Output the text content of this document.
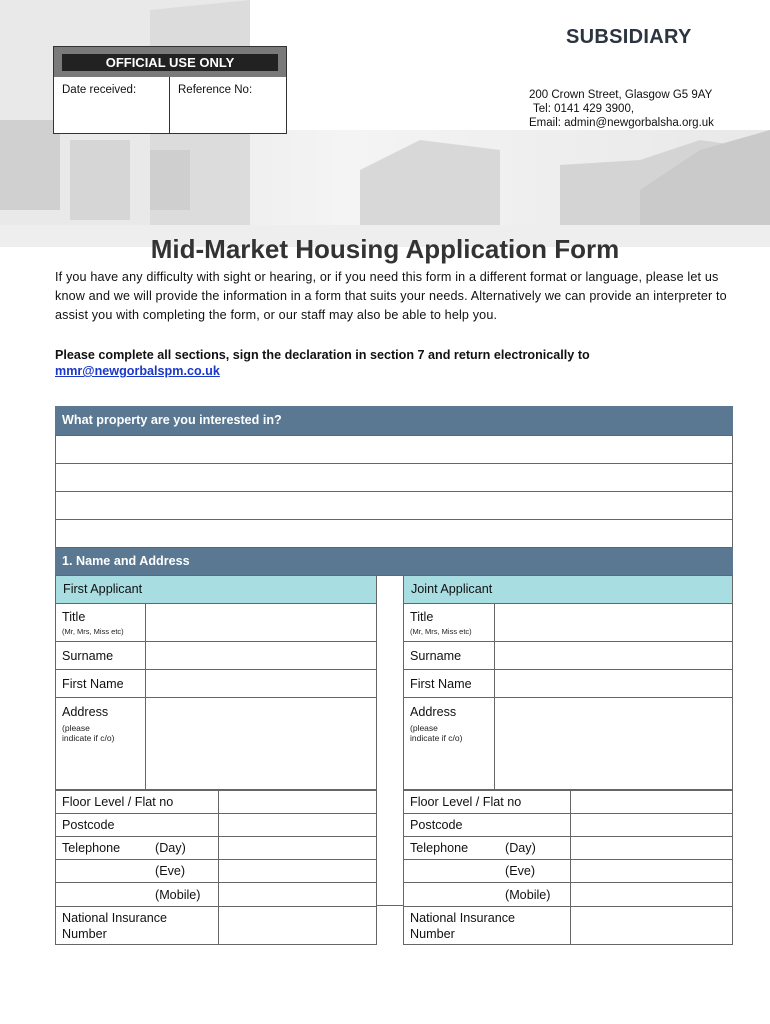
SUBSIDIARY
200 Crown Street, Glasgow G5 9AY
Tel: 0141 429 3900,
Email: admin@newgorbalsha.org.uk
OFFICIAL USE ONLY
Date received:	Reference No:
Mid-Market Housing Application Form
If you have any difficulty with sight or hearing, or if you need this form in a different format or language, please let us know and we will provide the information in a form that suits your needs. Alternatively we can provide an interpreter to assist you with completing the form, or our staff may also be able to help you.
Please complete all sections, sign the declaration in section 7 and return electronically to
mmr@newgorbalspm.co.uk
What property are you interested in?
1. Name and Address
First Applicant
Title
(Mr, Mrs, Miss etc)
Surname
First Name
Address
(please
indicate if c/o)
Floor Level / Flat no
Postcode
Telephone	(Day)
(Eve)
(Mobile)
National Insurance
Number
Joint Applicant
Title
(Mr, Mrs, Miss etc)
Surname
First Name
Address
(please
indicate if c/o)
Floor Level / Flat no
Postcode
Telephone	(Day)
(Eve)
(Mobile)
National Insurance
Number
